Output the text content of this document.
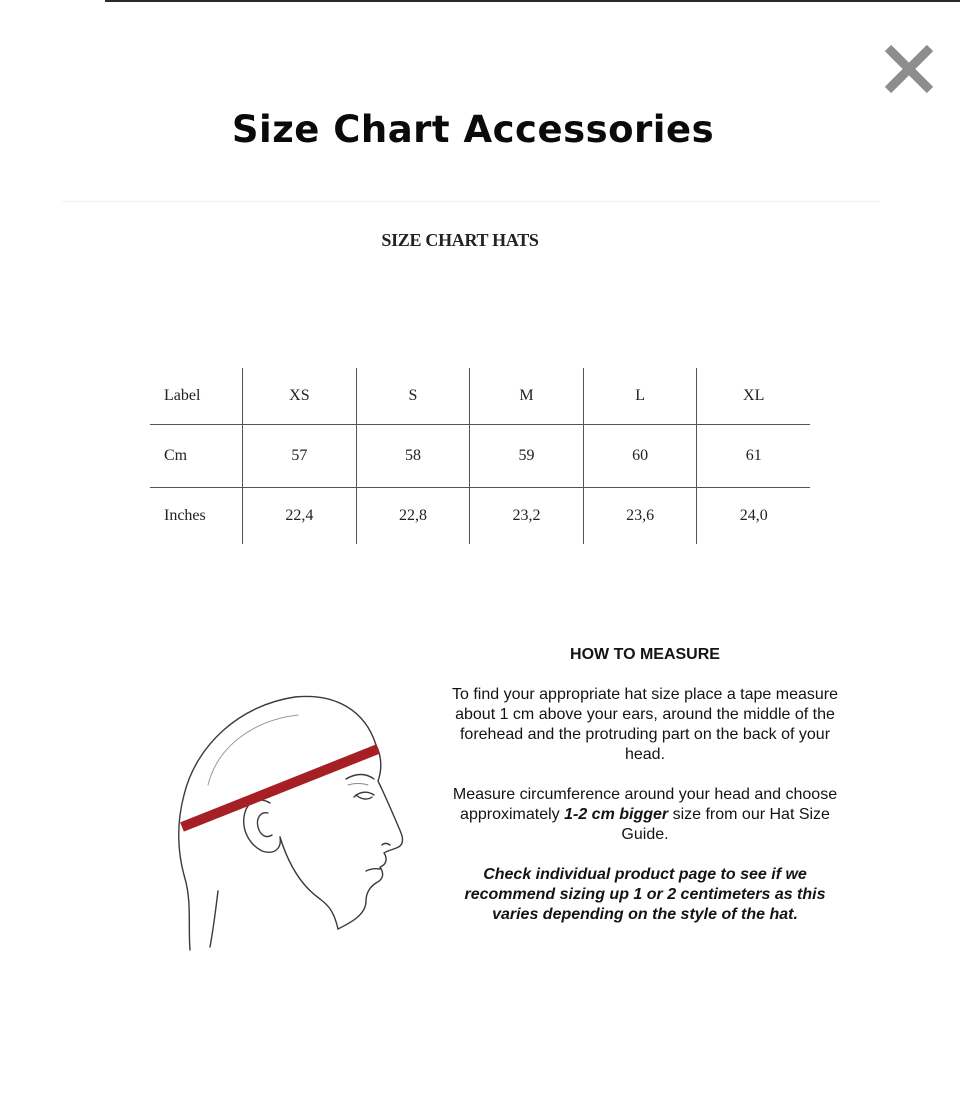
Size Chart Accessories
SIZE CHART HATS
Label	XS	S	M	L	XL
Cm	57	58	59	60	61
Inches	22,4	22,8	23,2	23,6	24,0
HOW TO MEASURE

To find your appropriate hat size place a tape measure about 1 cm above your ears, around the middle of the forehead and the protruding part on the back of your head.

Measure circumference around your head and choose approximately 1-2 cm bigger size from our Hat Size Guide.

Check individual product page to see if we recommend sizing up 1 or 2 centimeters as this varies depending on the style of the hat.
